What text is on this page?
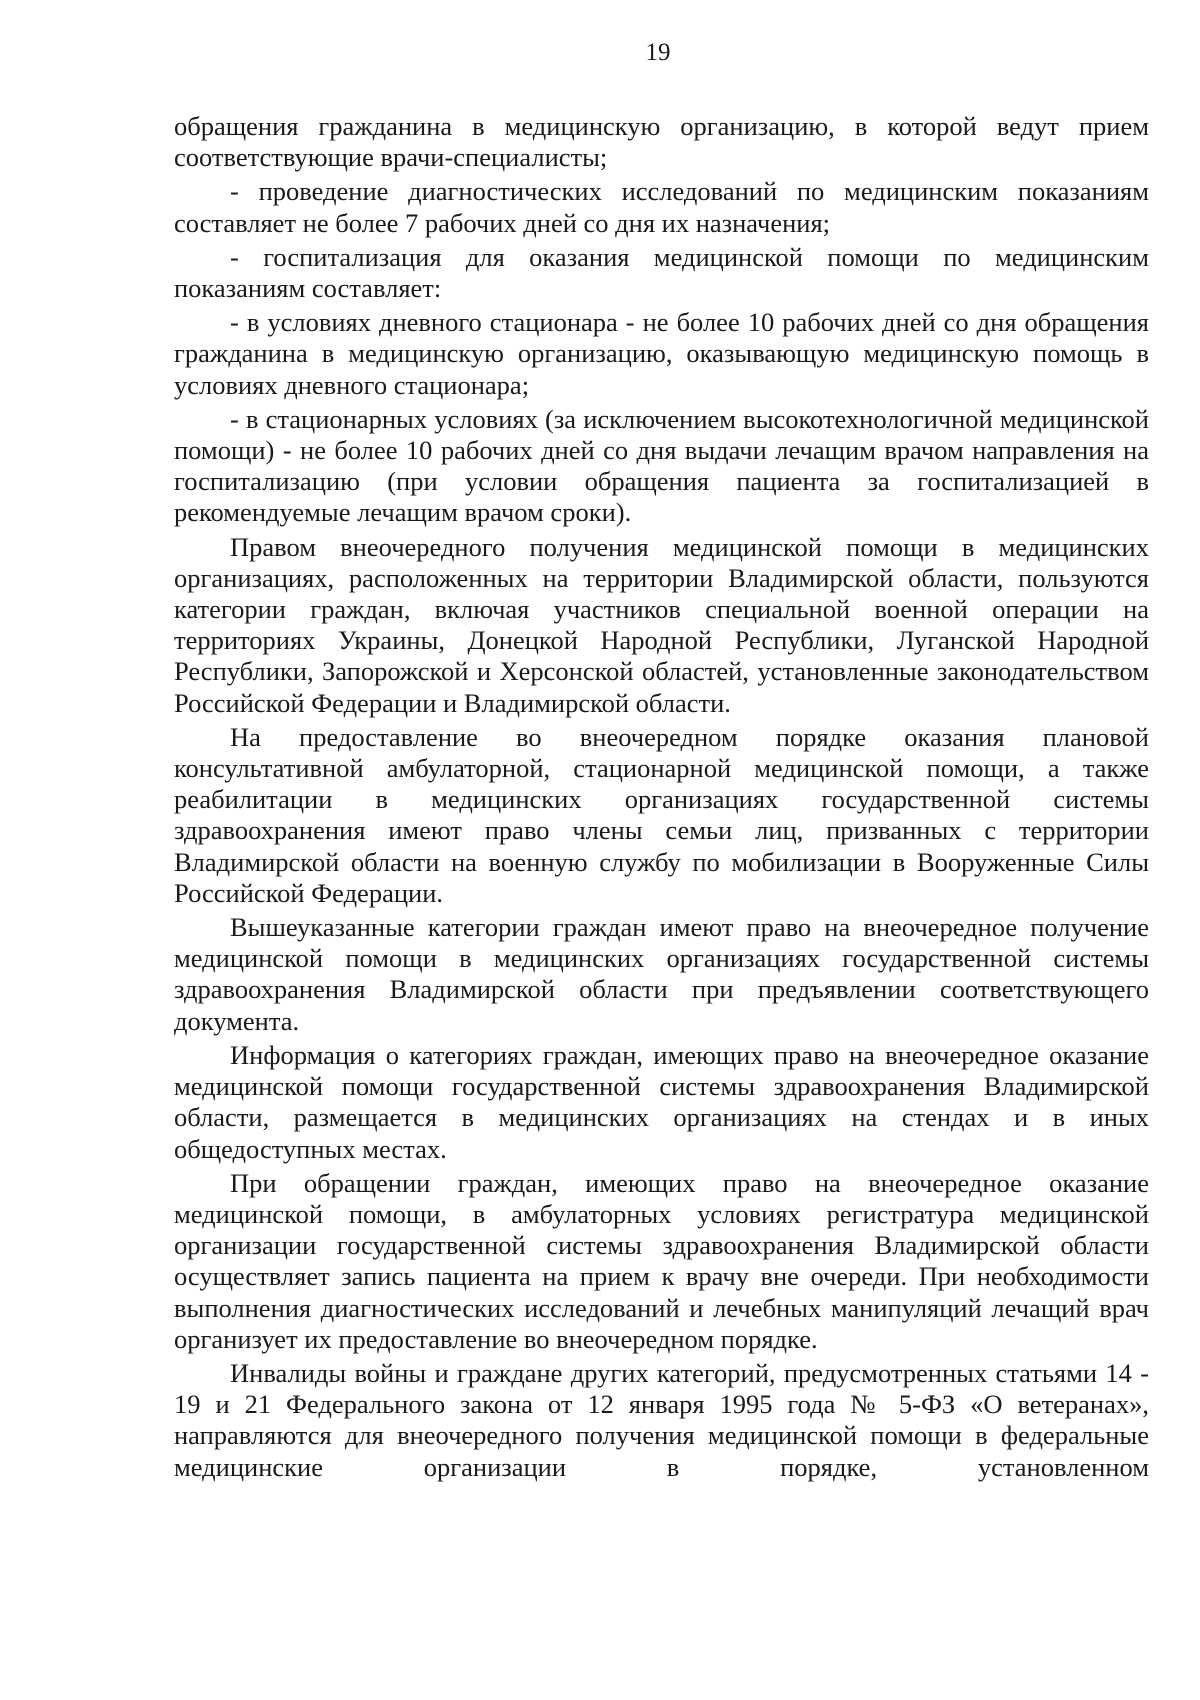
19

обращения гражданина в медицинскую организацию, в которой ведут прием соответствующие врачи-специалисты;

- проведение диагностических исследований по медицинским показаниям составляет не более 7 рабочих дней со дня их назначения;

- госпитализация для оказания медицинской помощи по медицинским показаниям составляет:

- в условиях дневного стационара - не более 10 рабочих дней со дня обращения гражданина в медицинскую организацию, оказывающую медицинскую помощь в условиях дневного стационара;

- в стационарных условиях (за исключением высокотехнологичной медицинской помощи) - не более 10 рабочих дней со дня выдачи лечащим врачом направления на госпитализацию (при условии обращения пациента за госпитализацией в рекомендуемые лечащим врачом сроки).

Правом внеочередного получения медицинской помощи в медицинских организациях, расположенных на территории Владимирской области, пользуются категории граждан, включая участников специальной военной операции на территориях Украины, Донецкой Народной Республики, Луганской Народной Республики, Запорожской и Херсонской областей, установленные законодательством Российской Федерации и Владимирской области.

На предоставление во внеочередном порядке оказания плановой консультативной амбулаторной, стационарной медицинской помощи, а также реабилитации в медицинских организациях государственной системы здравоохранения имеют право члены семьи лиц, призванных с территории Владимирской области на военную службу по мобилизации в Вооруженные Силы Российской Федерации.

Вышеуказанные категории граждан имеют право на внеочередное получение медицинской помощи в медицинских организациях государственной системы здравоохранения Владимирской области при предъявлении соответствующего документа.

Информация о категориях граждан, имеющих право на внеочередное оказание медицинской помощи государственной системы здравоохранения Владимирской области, размещается в медицинских организациях на стендах и в иных общедоступных местах.

При обращении граждан, имеющих право на внеочередное оказание медицинской помощи, в амбулаторных условиях регистратура медицинской организации государственной системы здравоохранения Владимирской области осуществляет запись пациента на прием к врачу вне очереди. При необходимости выполнения диагностических исследований и лечебных манипуляций лечащий врач организует их предоставление во внеочередном порядке.

Инвалиды войны и граждане других категорий, предусмотренных статьями 14 - 19 и 21 Федерального закона от 12 января 1995 года № 5-ФЗ «О ветеранах», направляются для внеочередного получения медицинской помощи в федеральные медицинские организации в порядке, установленном
